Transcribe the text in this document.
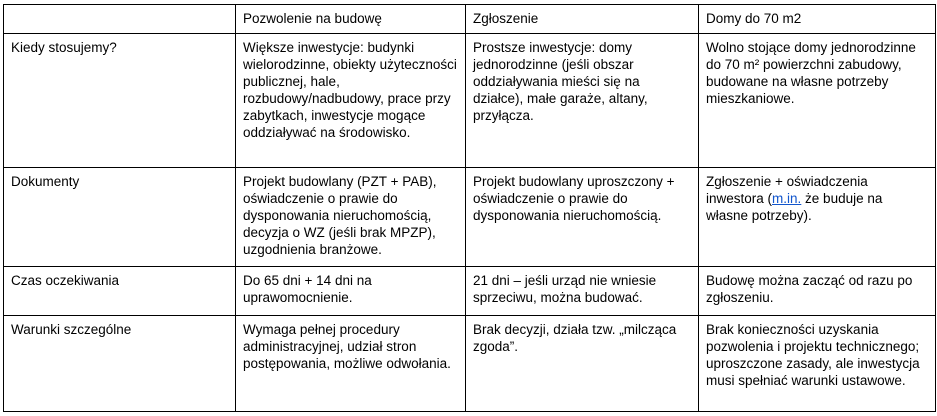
	Pozwolenie na budowę	Zgłoszenie	Domy do 70 m2
Kiedy stosujemy?	Większe inwestycje: budynki wielorodzinne, obiekty użyteczności publicznej, hale, rozbudowy/nadbudowy, prace przy zabytkach, inwestycje mogące oddziaływać na środowisko.	Prostsze inwestycje: domy jednorodzinne (jeśli obszar oddziaływania mieści się na działce), małe garaże, altany, przyłącza.	Wolno stojące domy jednorodzinne do 70 m² powierzchni zabudowy, budowane na własne potrzeby mieszkaniowe.
Dokumenty	Projekt budowlany (PZT + PAB), oświadczenie o prawie do dysponowania nieruchomością, decyzja o WZ (jeśli brak MPZP), uzgodnienia branżowe.	Projekt budowlany uproszczony + oświadczenie o prawie do dysponowania nieruchomością.	Zgłoszenie + oświadczenia inwestora (m.in. że buduje na własne potrzeby).
Czas oczekiwania	Do 65 dni + 14 dni na uprawomocnienie.	21 dni – jeśli urząd nie wniesie sprzeciwu, można budować.	Budowę można zacząć od razu po zgłoszeniu.
Warunki szczególne	Wymaga pełnej procedury administracyjnej, udział stron postępowania, możliwe odwołania.	Brak decyzji, działa tzw. „milcząca zgoda”.	Brak konieczności uzyskania pozwolenia i projektu technicznego; uproszczone zasady, ale inwestycja musi spełniać warunki ustawowe.
